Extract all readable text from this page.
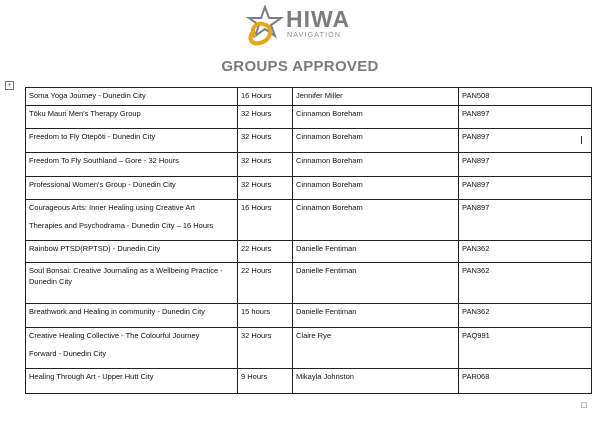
HIWA
NAVIGATION
GROUPS APPROVED
+
Soma Yoga Journey - Dunedin City	16 Hours	Jennifer Miller	PAN508
Tōku Mauri Men's Therapy Group	32 Hours	Cinnamon Boreham	PAN897
Freedom to Fly Otepōti - Dunedin City	32 Hours	Cinnamon Boreham	PAN897
Freedom To Fly Southland – Gore - 32 Hours	32 Hours	Cinnamon Boreham	PAN897
Professional Women's Group - Dunedin City	32 Hours	Cinnamon Boreham	PAN897

Courageous Arts: Inner Healing using Creative Art
Therapies and Psychodrama - Dunedin City – 16 Hours	16 Hours	Cinnamon Boreham	PAN897
Rainbow PTSD(RPTSD) - Dunedin City	22 Hours	Danielle Fentiman	PAN362
Soul Bonsai: Creative Journaling as a Wellbeing Practice - Dunedin City	22 Hours	Danielle Fentiman	PAN362
Breathwork and Healing in community - Dunedin City	15 hours	Danielle Fentiman	PAN362

Creative Healing Collective - The Colourful Journey
Forward - Dunedin City	32 Hours	Claire Rye	PAQ991
Healing Through Art - Upper Hutt City	9 Hours	Mikayla Johnston	PAR068
